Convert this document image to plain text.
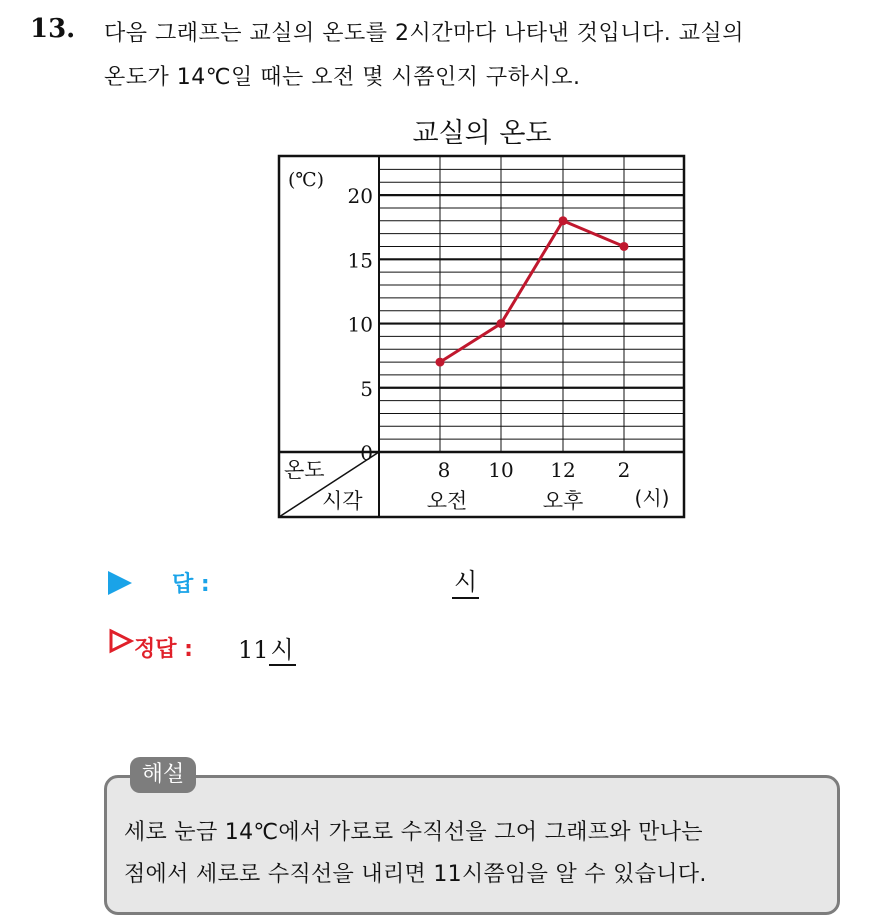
13. 다음 그래프는 교실의 온도를 2시간마다 나타낸 것입니다. 교실의
온도가 14℃일 때는 오전 몇 시쯤인지 구하시오.
교실의 온도
(℃)
0
5
10
15
20
8 10 12 2
오전	오후	(시)
온도
시각
답 :	시
정답 : 11시
해설
세로 눈금 14℃에서 가로로 수직선을 그어 그래프와 만나는
점에서 세로로 수직선을 내리면 11시쯤임을 알 수 있습니다.
